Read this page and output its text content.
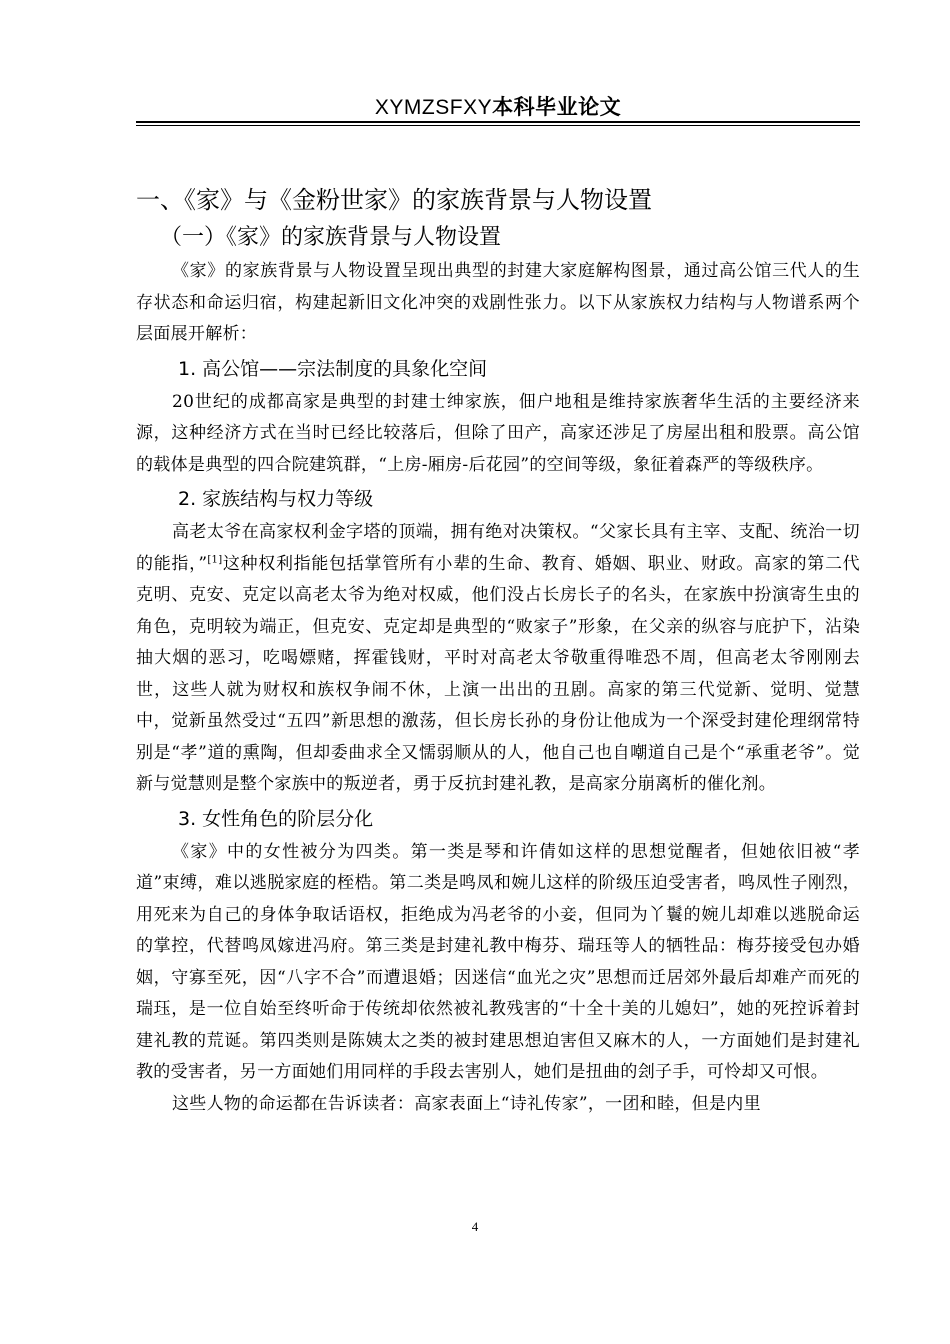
XYMZSFXY本科毕业论文
一、《家》与《金粉世家》的家族背景与人物设置
（一）《家》的家族背景与人物设置

《家》的家族背景与人物设置呈现出典型的封建大家庭解构图景，通过高公馆三代人的生存状态和命运归宿，构建起新旧文化冲突的戏剧性张力。以下从家族权力结构与人物谱系两个层面展开解析：

1. 高公馆——宗法制度的具象化空间

20世纪的成都高家是典型的封建士绅家族，佃户地租是维持家族奢华生活的主要经济来源，这种经济方式在当时已经比较落后，但除了田产，高家还涉足了房屋出租和股票。高公馆的载体是典型的四合院建筑群，“上房-厢房-后花园”的空间等级，象征着森严的等级秩序。

2. 家族结构与权力等级

高老太爷在高家权利金字塔的顶端，拥有绝对决策权。“父家长具有主宰、支配、统治一切的能指，”[1]这种权利指能包括掌管所有小辈的生命、教育、婚姻、职业、财政。高家的第二代克明、克安、克定以高老太爷为绝对权威，他们没占长房长子的名头，在家族中扮演寄生虫的角色，克明较为端正，但克安、克定却是典型的“败家子”形象，在父亲的纵容与庇护下，沾染抽大烟的恶习，吃喝嫖赌，挥霍钱财，平时对高老太爷敬重得唯恐不周，但高老太爷刚刚去世，这些人就为财权和族权争闹不休，上演一出出的丑剧。高家的第三代觉新、觉明、觉慧中，觉新虽然受过“五四”新思想的激荡，但长房长孙的身份让他成为一个深受封建伦理纲常特别是“孝”道的熏陶，但却委曲求全又懦弱顺从的人，他自己也自嘲道自己是个“承重老爷”。觉新与觉慧则是整个家族中的叛逆者，勇于反抗封建礼教，是高家分崩离析的催化剂。

3. 女性角色的阶层分化

《家》中的女性被分为四类。第一类是琴和许倩如这样的思想觉醒者，但她依旧被“孝道”束缚，难以逃脱家庭的桎梏。第二类是鸣凤和婉儿这样的阶级压迫受害者，鸣凤性子刚烈，用死来为自己的身体争取话语权，拒绝成为冯老爷的小妾，但同为丫鬟的婉儿却难以逃脱命运的掌控，代替鸣凤嫁进冯府。第三类是封建礼教中梅芬、瑞珏等人的牺牲品：梅芬接受包办婚姻，守寡至死，因“八字不合”而遭退婚；因迷信“血光之灾”思想而迁居郊外最后却难产而死的瑞珏，是一位自始至终听命于传统却依然被礼教残害的“十全十美的儿媳妇”，她的死控诉着封建礼教的荒诞。第四类则是陈姨太之类的被封建思想迫害但又麻木的人，一方面她们是封建礼教的受害者，另一方面她们用同样的手段去害别人，她们是扭曲的刽子手，可怜却又可恨。

这些人物的命运都在告诉读者：高家表面上“诗礼传家”，一团和睦，但是内里

4
